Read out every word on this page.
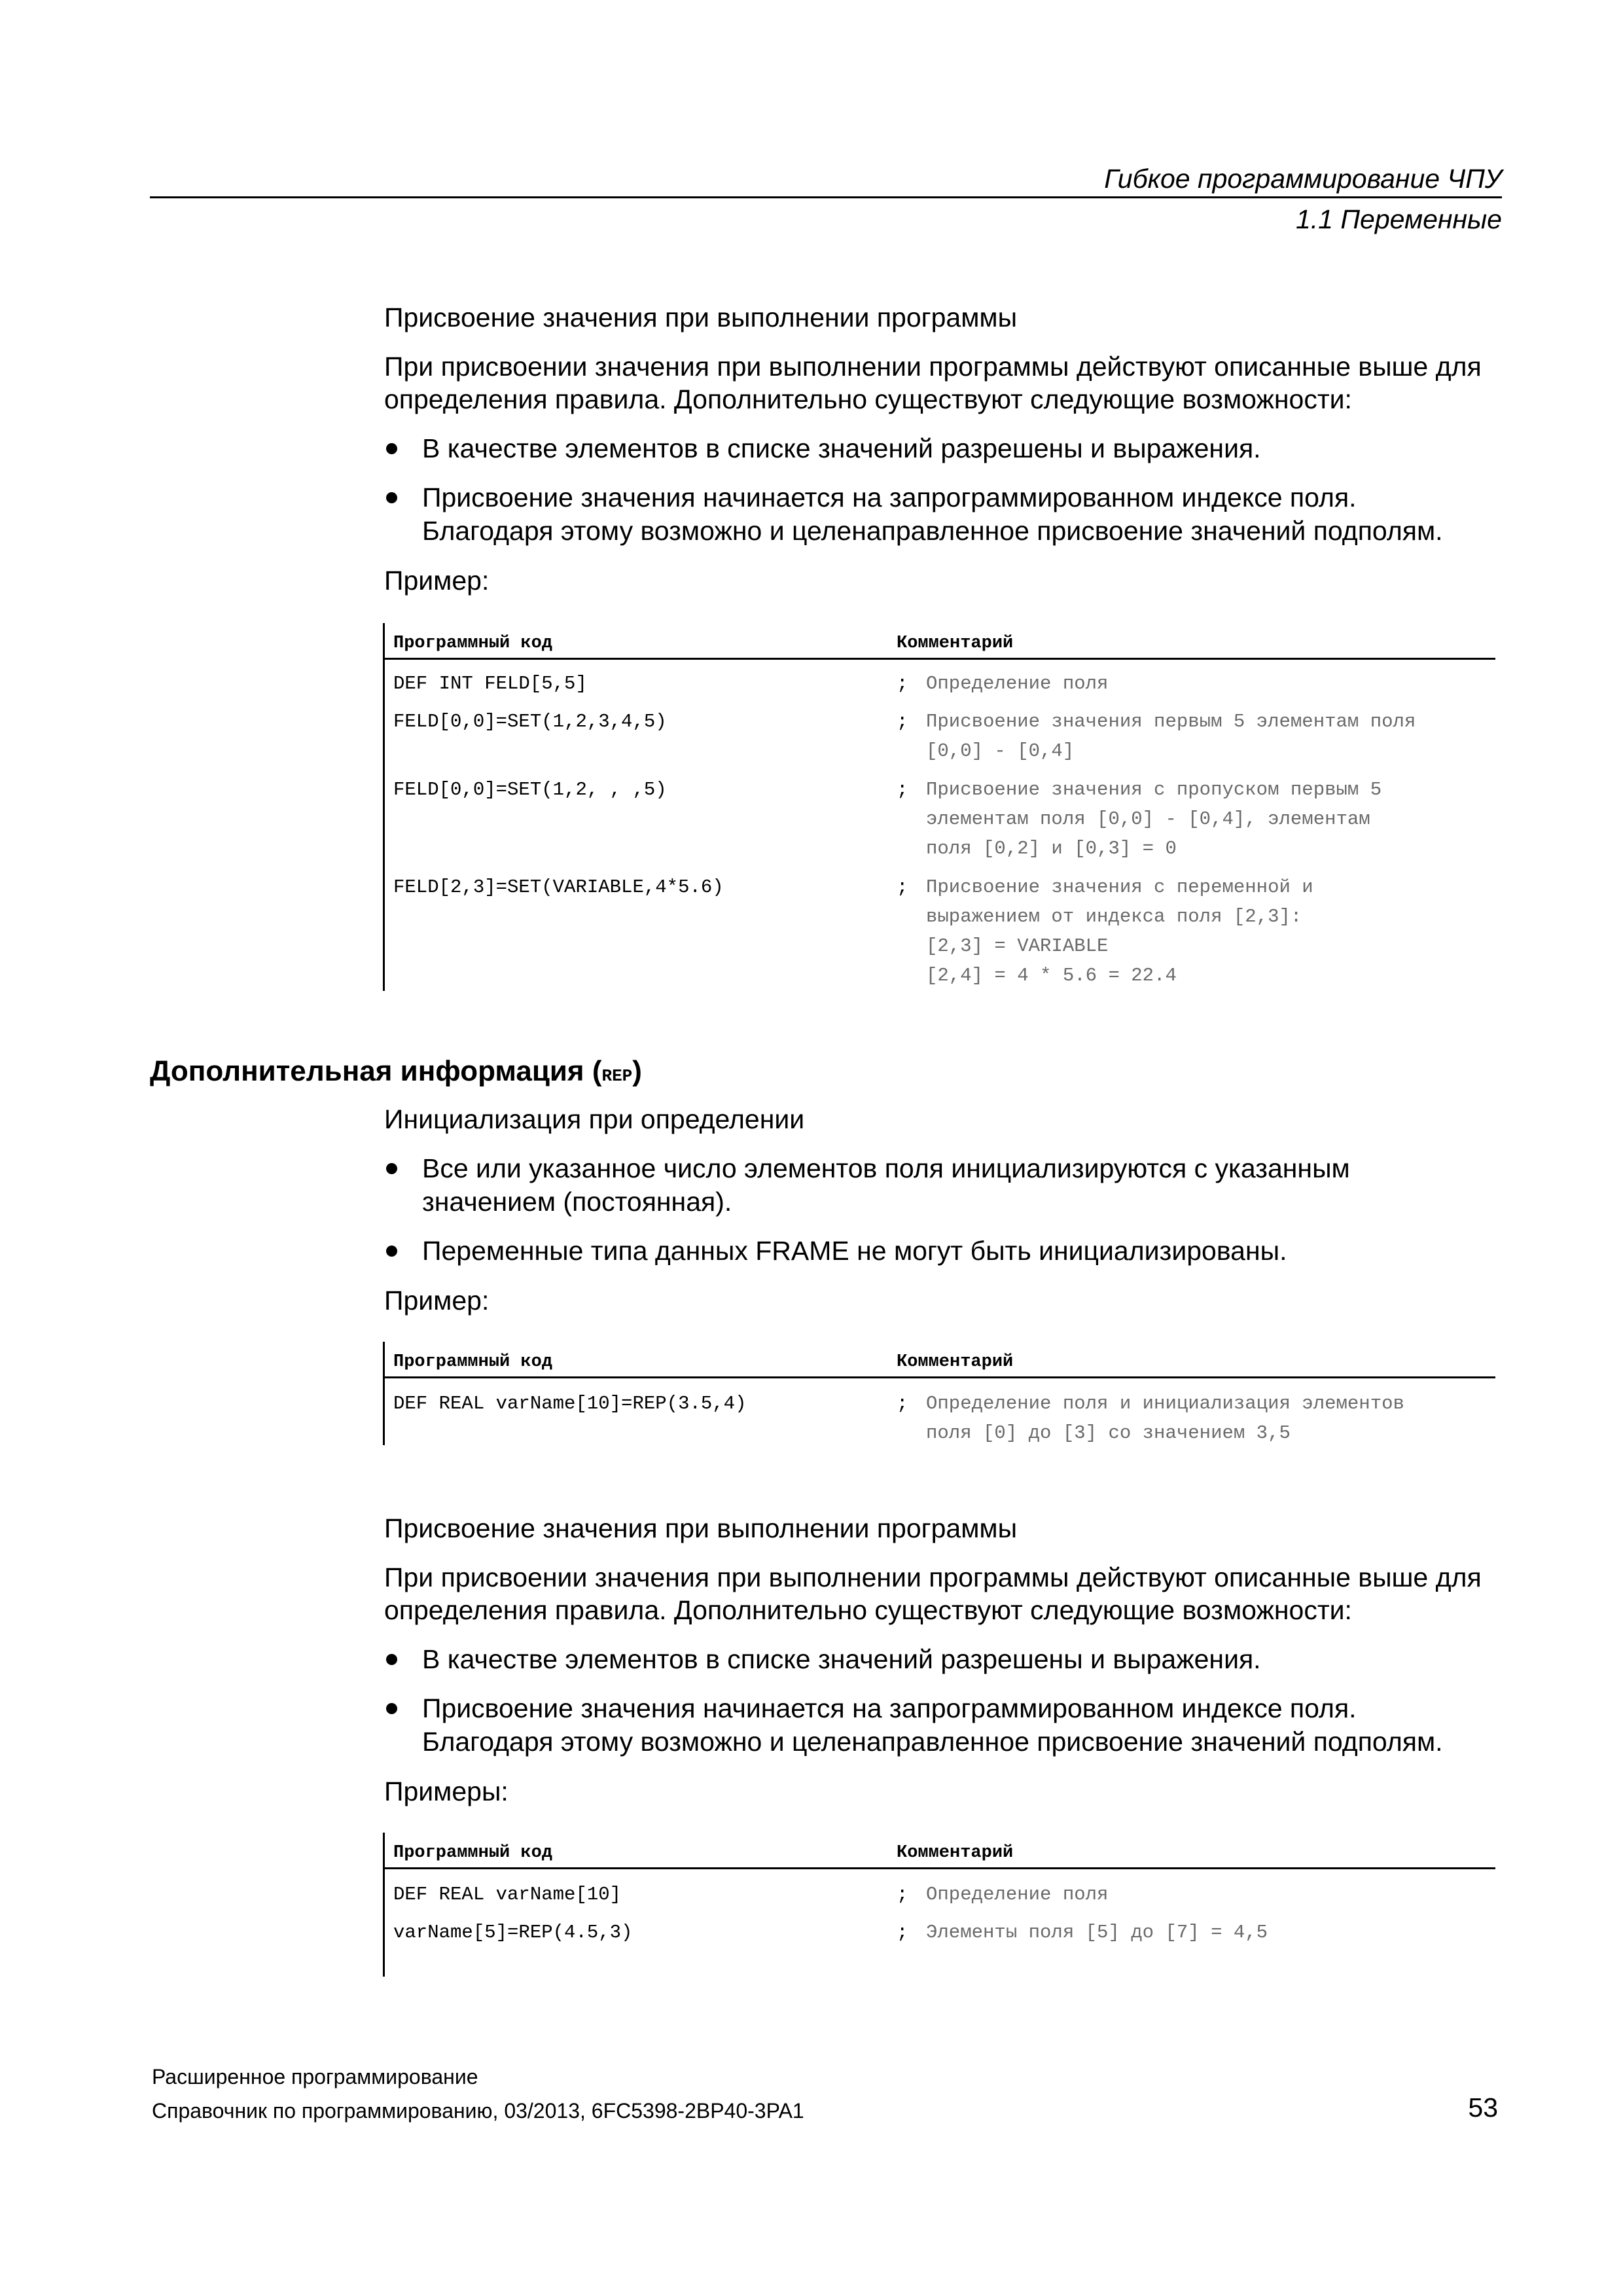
Гибкое программирование ЧПУ
1.1 Переменные
Присвоение значения при выполнении программы
При присвоении значения при выполнении программы действуют описанные выше для
определения правила. Дополнительно существуют следующие возможности:
В качестве элементов в списке значений разрешены и выражения.
Присвоение значения начинается на запрограммированном индексе поля.
Благодаря этому возможно и целенаправленное присвоение значений подполям.
Пример:
Программный код	Комментарий
DEF INT FELD[5,5]	; Определение поля
FELD[0,0]=SET(1,2,3,4,5)	; Присвоение значения первым 5 элементам поля
[0,0] - [0,4]
FELD[0,0]=SET(1,2, , ,5)	; Присвоение значения с пропуском первым 5
элементам поля [0,0] - [0,4], элементам
поля [0,2] и [0,3] = 0
FELD[2,3]=SET(VARIABLE,4*5.6)	; Присвоение значения с переменной и
выражением от индекса поля [2,3]:
[2,3] = VARIABLE
[2,4] = 4 * 5.6 = 22.4
Дополнительная информация (REP)
Инициализация при определении
Все или указанное число элементов поля инициализируются с указанным
значением (постоянная).
Переменные типа данных FRAME не могут быть инициализированы.
Пример:
Программный код	Комментарий
DEF REAL varName[10]=REP(3.5,4)	; Определение поля и инициализация элементов
поля [0] до [3] со значением 3,5
Присвоение значения при выполнении программы
При присвоении значения при выполнении программы действуют описанные выше для
определения правила. Дополнительно существуют следующие возможности:
В качестве элементов в списке значений разрешены и выражения.
Присвоение значения начинается на запрограммированном индексе поля.
Благодаря этому возможно и целенаправленное присвоение значений подполям.
Примеры:
Программный код	Комментарий
DEF REAL varName[10]	; Определение поля
varName[5]=REP(4.5,3)	; Элементы поля [5] до [7] = 4,5
Расширенное программирование
Справочник по программированию, 03/2013, 6FC5398-2BP40-3PA1	53
